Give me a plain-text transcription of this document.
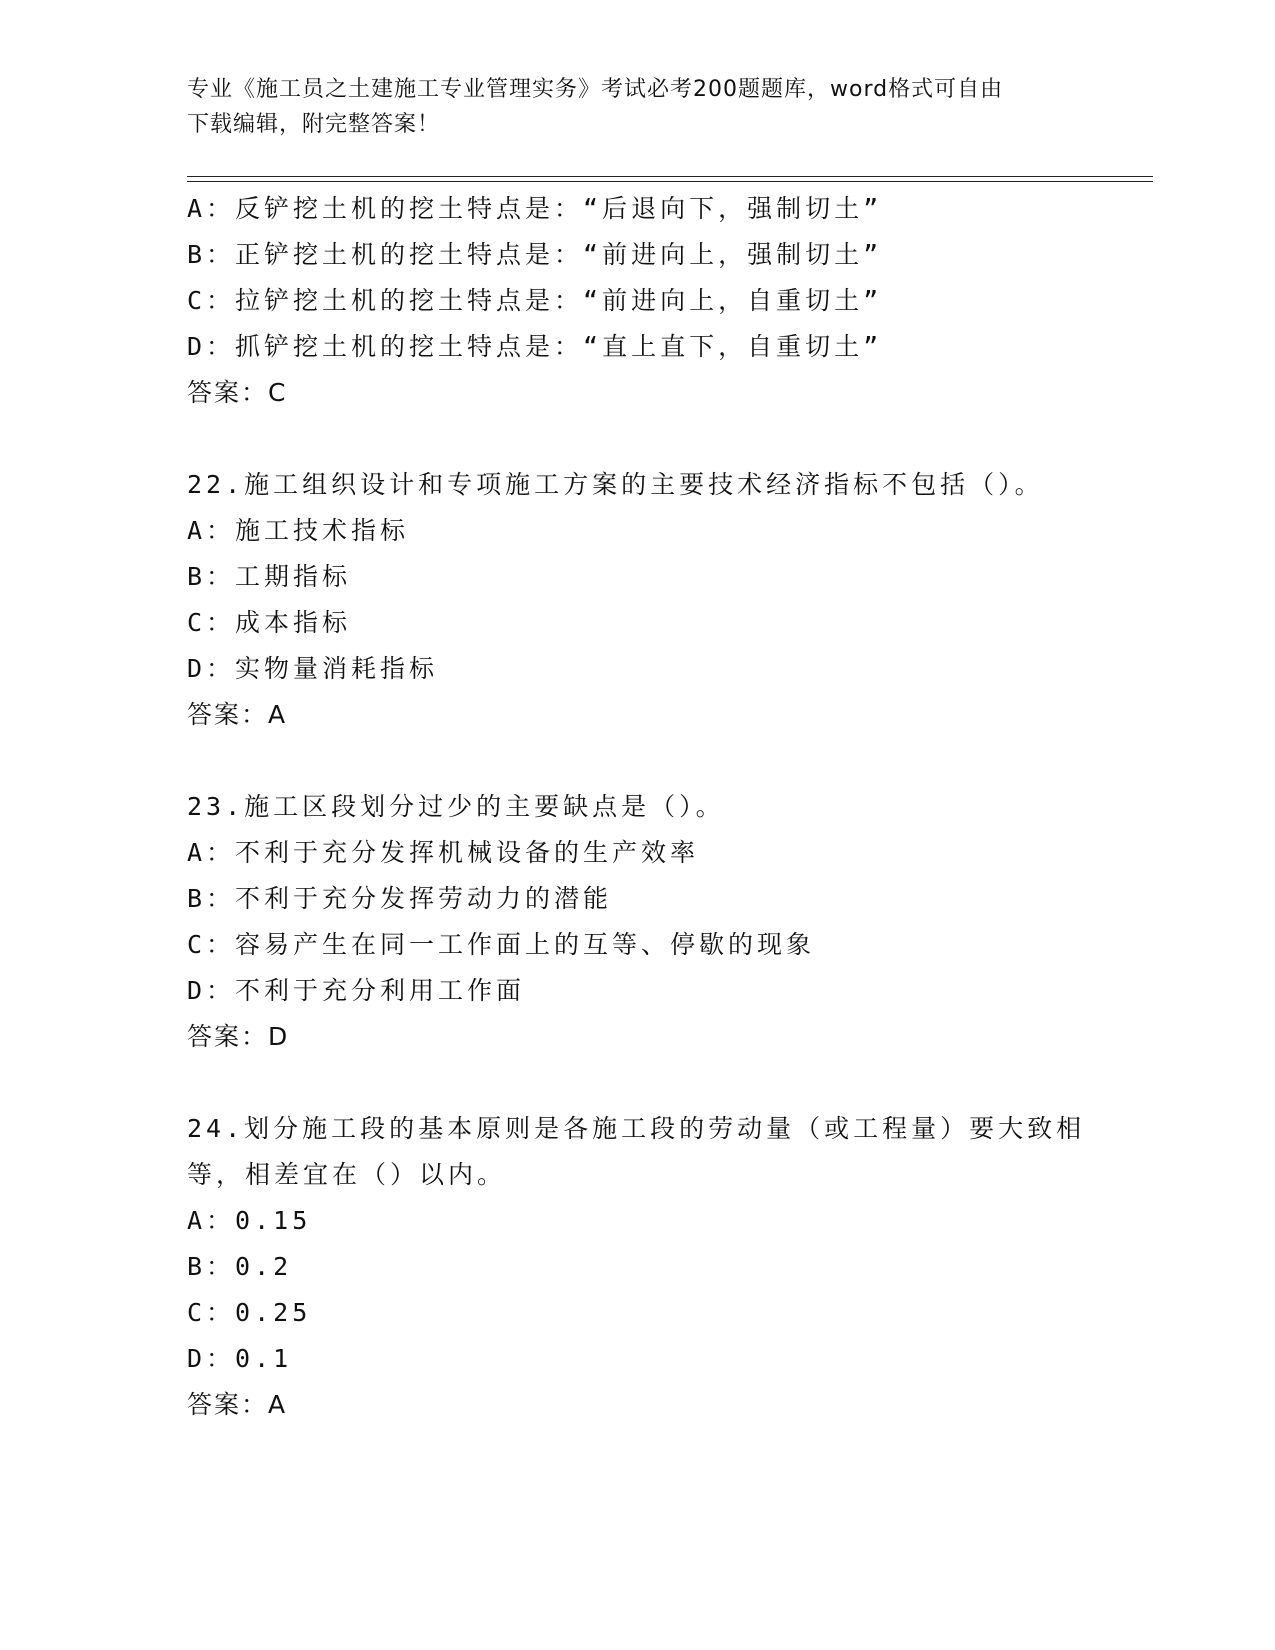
专业《施工员之土建施工专业管理实务》考试必考200题题库，word格式可自由
下载编辑，附完整答案！
A：反铲挖土机的挖土特点是：“后退向下，强制切土”
B：正铲挖土机的挖土特点是：“前进向上，强制切土”
C：拉铲挖土机的挖土特点是：“前进向上，自重切土”
D：抓铲挖土机的挖土特点是：“直上直下，自重切土”
答案：C
22.施工组织设计和专项施工方案的主要技术经济指标不包括（）。
A：施工技术指标
B：工期指标
C：成本指标
D：实物量消耗指标
答案：A
23.施工区段划分过少的主要缺点是（）。
A：不利于充分发挥机械设备的生产效率
B：不利于充分发挥劳动力的潜能
C：容易产生在同一工作面上的互等、停歇的现象
D：不利于充分利用工作面
答案：D
24.划分施工段的基本原则是各施工段的劳动量（或工程量）要大致相
等，相差宜在（）以内。
A：0.15
B：0.2
C：0.25
D：0.1
答案：A
